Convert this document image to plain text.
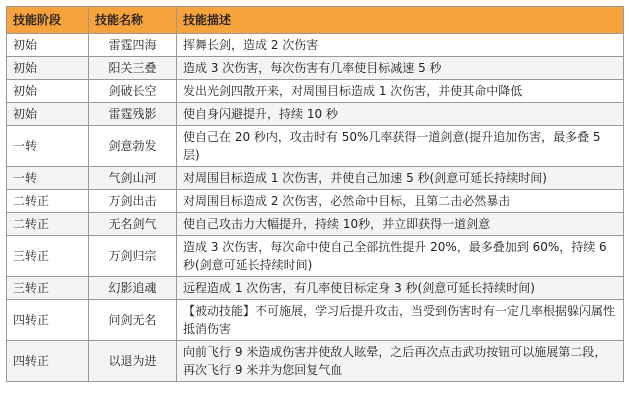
技能阶段	技能名称	技能描述
初始	雷霆四海	挥舞长剑，造成 2 次伤害
初始	阳关三叠	造成 3 次伤害，每次伤害有几率使目标减速 5 秒
初始	剑破长空	发出光剑四散开来，对周围目标造成 1 次伤害，并使其命中降低
初始	雷霆残影	使自身闪避提升，持续 10 秒
一转	剑意勃发	使自己在 20 秒内，攻击时有 50%几率获得一道剑意(提升追加伤害，最多叠 5 层)
一转	气剑山河	对周围目标造成 1 次伤害，并使自己加速 5 秒(剑意可延长持续时间)
二转正	万剑出击	对周围目标造成 2 次伤害，必然命中目标，且第二击必然暴击
二转正	无名剑气	使自己攻击力大幅提升，持续 10秒，并立即获得一道剑意
三转正	万剑归宗	造成 3 次伤害，每次命中使自己全部抗性提升 20%，最多叠加到 60%，持续 6 秒(剑意可延长持续时间)
三转正	幻影追魂	远程造成 1 次伤害，有几率使目标定身 3 秒(剑意可延长持续时间)
四转正	问剑无名	【被动技能】不可施展，学习后提升攻击，当受到伤害时有一定几率根据躲闪属性抵消伤害
四转正	以退为进	向前飞行 9 米造成伤害并使敌人眩晕，之后再次点击武功按钮可以施展第二段，再次飞行 9 米并为您回复气血
